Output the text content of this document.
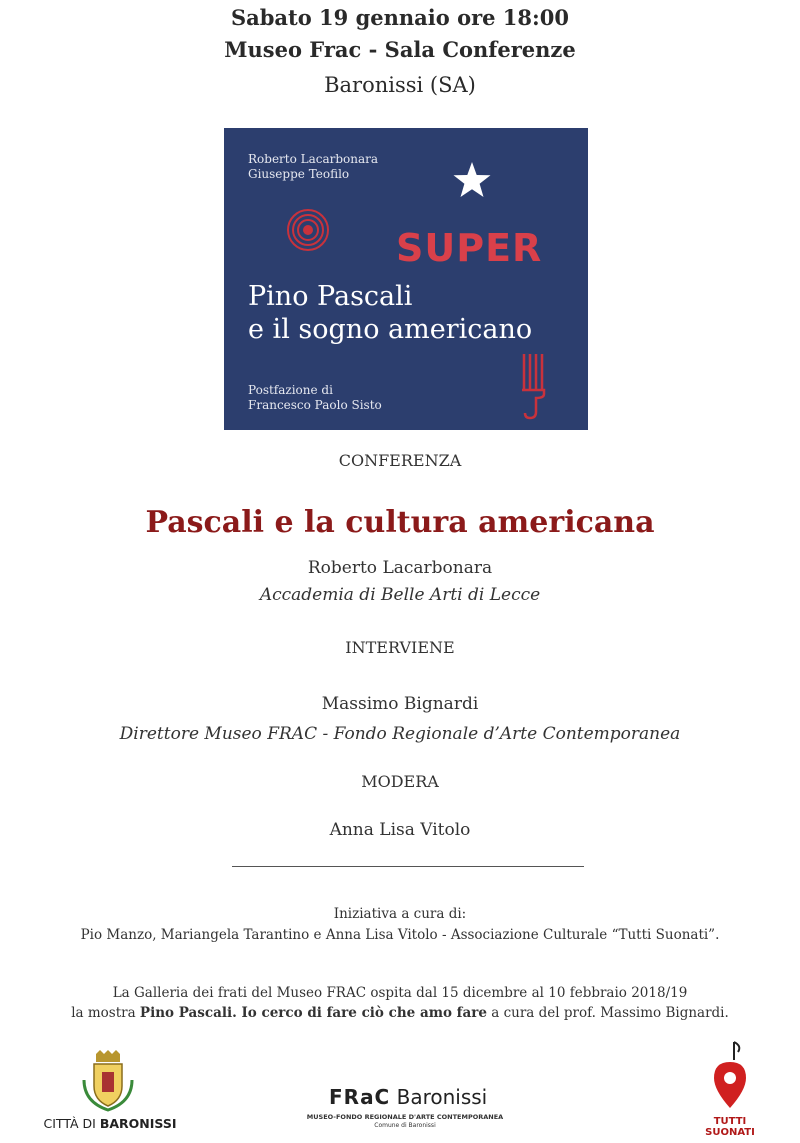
Sabato 19 gennaio ore 18:00
Museo Frac - Sala Conferenze
Baronissi (SA)
Roberto Lacarbonara
Giuseppe Teofilo
SUPER
Pino Pascali
e il sogno americano
Postfazione di
Francesco Paolo Sisto
CONFERENZA
Pascali e la cultura americana
Roberto Lacarbonara
Accademia di Belle Arti di Lecce
INTERVIENE
Massimo Bignardi
Direttore Museo FRAC - Fondo Regionale d’Arte Contemporanea
MODERA
Anna Lisa Vitolo
Iniziativa a cura di:
Pio Manzo, Mariangela Tarantino e Anna Lisa Vitolo - Associazione Culturale “Tutti Suonati”.
La Galleria dei frati del Museo FRAC ospita dal 15 dicembre al 10 febbraio 2018/19
la mostra Pino Pascali. Io cerco di fare ciò che amo fare a cura del prof. Massimo Bignardi.
CITTÀ DI BARONISSI
FRaC Baronissi
MUSEO-FONDO REGIONALE D'ARTE CONTEMPORANEA
Comune di Baronissi	TUTTI SUONATI
